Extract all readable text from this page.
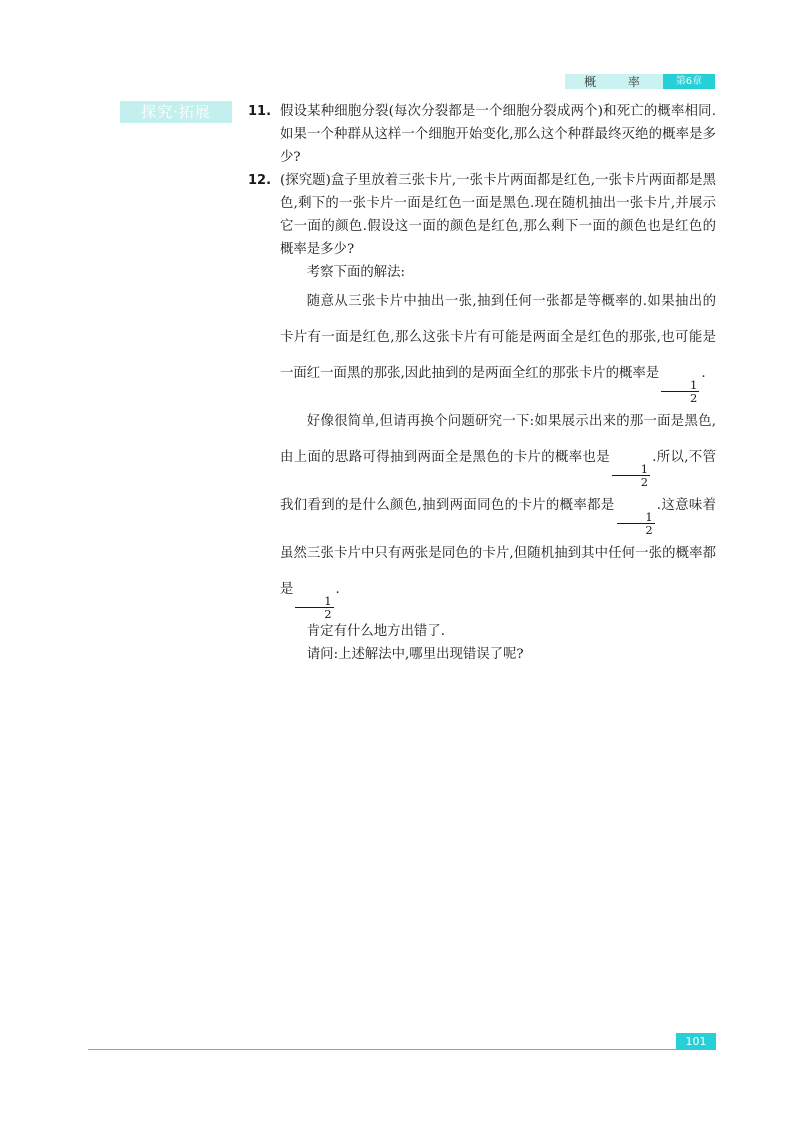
概 率	第6章
探究·拓展	11. 假设某种细胞分裂(每次分裂都是一个细胞分裂成两个)和死亡的概率相同.如果一个种群从这样一个细胞开始变化,那么这个种群最终灭绝的概率是多少?

12. (探究题)盒子里放着三张卡片,一张卡片两面都是红色,一张卡片两面都是黑色,剩下的一张卡片一面是红色一面是黑色.现在随机抽出一张卡片,并展示它一面的颜色.假设这一面的颜色是红色,那么剩下一面的颜色也是红色的概率是多少?

考察下面的解法:

随意从三张卡片中抽出一张,抽到任何一张都是等概率的.如果抽出的卡片有一面是红色,那么这张卡片有可能是两面全是红色的那张,也可能是一面红一面黑的那张,因此抽到的是两面全红的那张卡片的概率是
$\frac{1}{2}$
.

好像很简单,但请再换个问题研究一下:如果展示出来的那一面是黑色,由上面的思路可得抽到两面全是黑色的卡片的概率也是
$\frac{1}{2}$
.所以,不管我们看到的是什么颜色,抽到两面同色的卡片的概率都是
$\frac{1}{2}$
.这意味着虽然三张卡片中只有两张是同色的卡片,但随机抽到其中任何一张的概率都是
$\frac{1}{2}$
.

肯定有什么地方出错了.

请问:上述解法中,哪里出现错误了呢?

101
